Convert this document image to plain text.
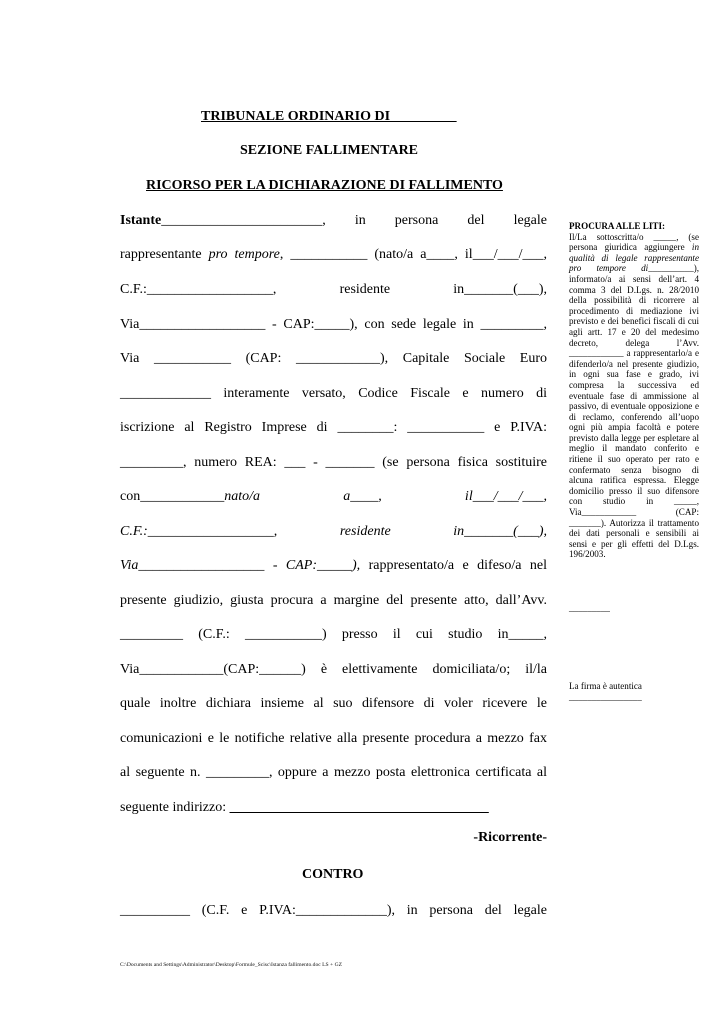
TRIBUNALE ORDINARIO DI _________
SEZIONE FALLIMENTARE
RICORSO PER LA DICHIARAZIONE DI FALLIMENTO
Istante_______________________, in persona del legale
rappresentante pro tempore, ___________ (nato/a a____, il___/___/___,
C.F.:__________________, residente in_______(___),
Via__________________ - CAP:_____), con sede legale in _________,
Via ___________ (CAP: ____________), Capitale Sociale Euro
_____________ interamente versato, Codice Fiscale e numero di
iscrizione al Registro Imprese di ________: ___________ e P.IVA:
_________, numero REA: ___ - _______ (se persona fisica sostituire
con____________nato/a a____, il___/___/___,
C.F.:__________________,	residente in_______(___),
Via__________________ - CAP:_____), rappresentato/a e difeso/a nel
presente giudizio, giusta procura a margine del presente atto, dall’Avv.
_________ (C.F.: ___________) presso il cui studio in_____,
Via____________(CAP:______) è elettivamente domiciliata/o; il/la
quale inoltre dichiara insieme al suo difensore di voler ricevere le
comunicazioni e le notifiche relative alla presente procedura a mezzo fax
al seguente n. _________, oppure a mezzo posta elettronica certificata al
seguente indirizzo: _____________________________________
-Ricorrente-
CONTRO
__________ (C.F. e P.IVA:_____________), in persona del legale
PROCURA ALLE LITI:
Il/La sottoscritta/o _____, (se persona giuridica aggiungere in qualità di legale rappresentante pro tempore di__________), informato/a ai sensi dell’art. 4 comma 3 del D.Lgs. n. 28/2010 della possibilità di ricorrere al procedimento di mediazione ivi previsto e dei benefici fiscali di cui agli artt. 17 e 20 del medesimo decreto, delega l’Avv. ____________ a rappresentarlo/a e difenderlo/a nel presente giudizio, in ogni sua fase e grado, ivi compresa la successiva ed eventuale fase di ammissione al passivo, di eventuale opposizione e di reclamo, conferendo all’uopo ogni più ampia facoltà e potere previsto dalla legge per espletare al meglio il mandato conferito e ritiene il suo operato per rato e confermato senza bisogno di alcuna ratifica espressa. Elegge domicilio presso il suo difensore con studio in _____, Via____________ (CAP: _______). Autorizza il trattamento dei dati personali e sensibili ai sensi e per gli effetti del D.Lgs. 196/2003.
_________
La firma è autentica
________________
C:\Documents and Settings\Administrator\Desktop\Formule_Scisc\Istanza fallimento.doc LS + GZ
